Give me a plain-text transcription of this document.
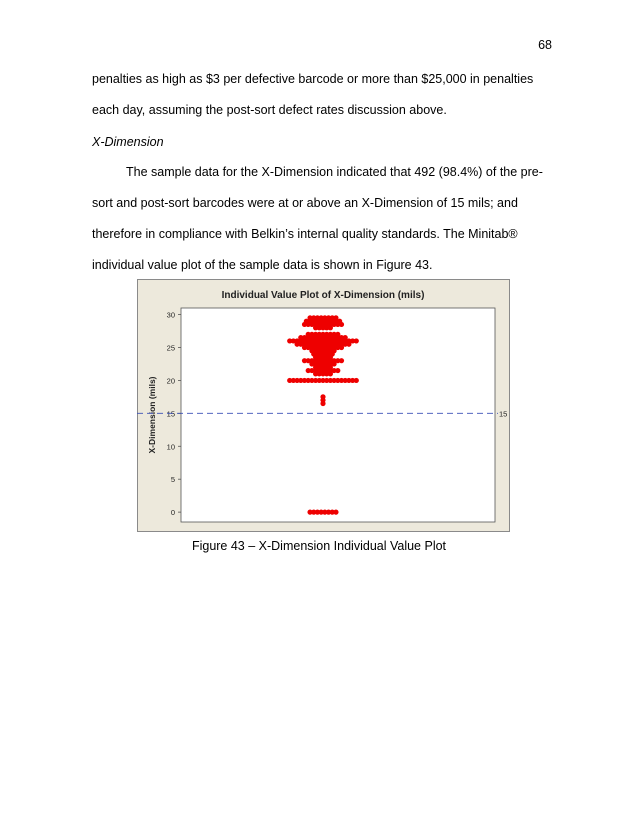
68

penalties as high as $3 per defective barcode or more than $25,000 in penalties
each day, assuming the post-sort defect rates discussion above.

X-Dimension

The sample data for the X-Dimension indicated that 492 (98.4%) of the pre-
sort and post-sort barcodes were at or above an X-Dimension of 15 mils; and
therefore in compliance with Belkin’s internal quality standards. The Minitab®
individual value plot of the sample data is shown in Figure 43.

Individual Value Plot of X-Dimension (mils)
X-Dimension (mils)
0
5
10
15
20
25
30
15
Figure 43 – X-Dimension Individual Value Plot
